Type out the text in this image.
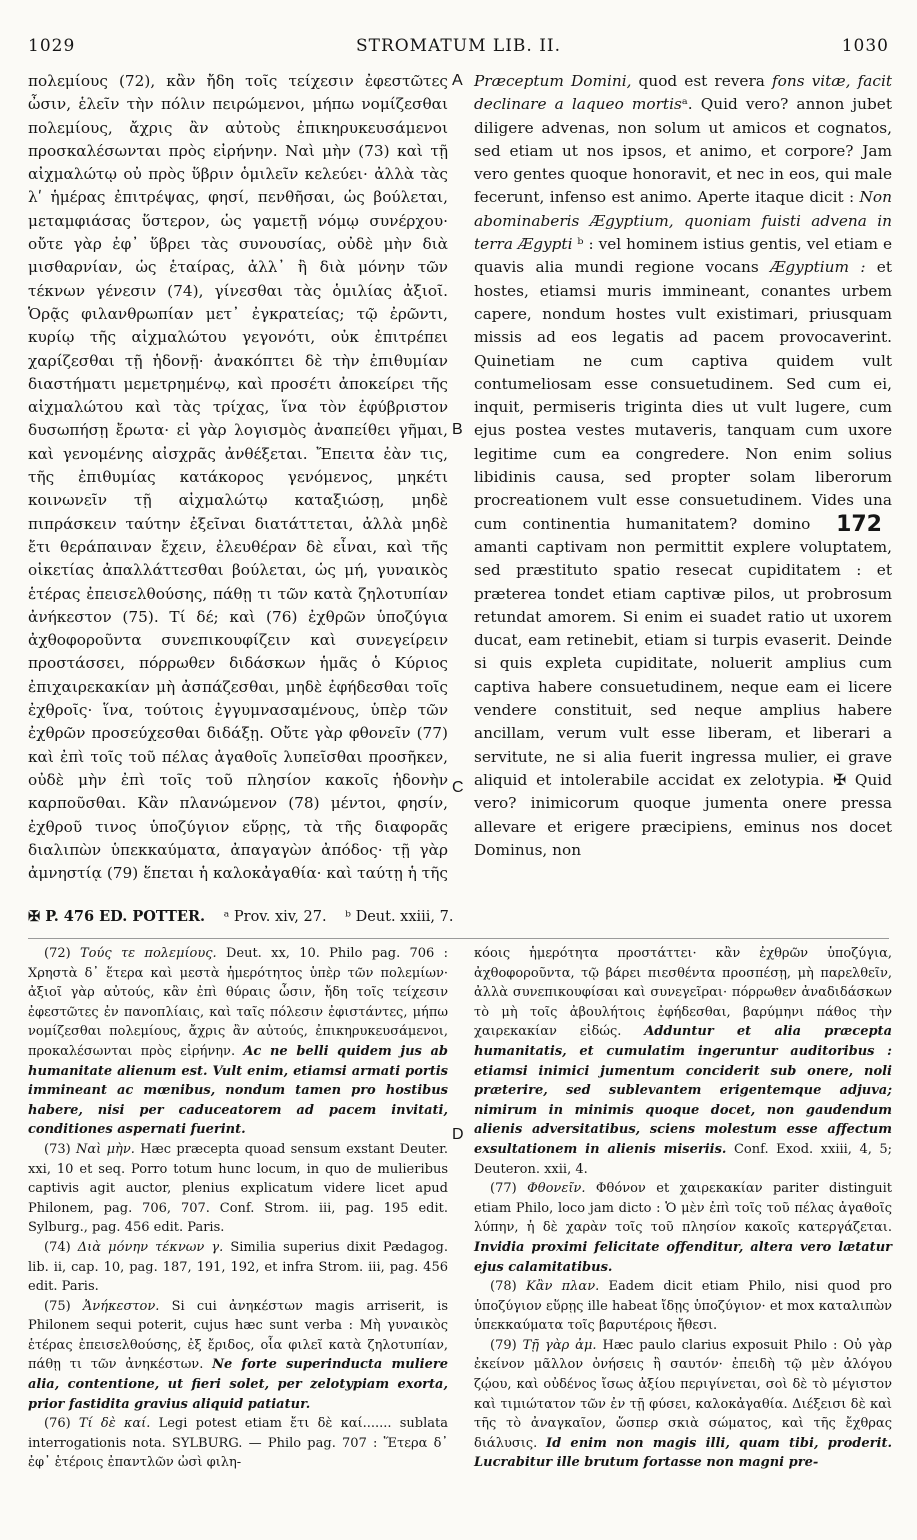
1029	STROMATUM LIB. II.	1030

πολεμίους (72), κἂν ἤδη τοῖς τείχεσιν ἐφεστῶτες ὦσιν, ἑλεῖν τὴν πόλιν πειρώμενοι, μήπω νομίζεσθαι πολεμίους, ἄχρις ἂν αὐτοὺς ἐπικηρυκευσάμενοι προσκαλέσωνται πρὸς εἰρήνην. Ναὶ μὴν (73) καὶ τῇ αἰχμαλώτῳ οὐ πρὸς ὕβριν ὁμιλεῖν κελεύει· ἀλλὰ τὰς λʹ ἡμέρας ἐπιτρέψας, φησί, πενθῆσαι, ὡς βούλεται, μεταμφιάσας ὕστερον, ὡς γαμετῇ νόμῳ συνέρχου· οὔτε γὰρ ἐφ᾽ ὕβρει τὰς συνουσίας, οὐδὲ μὴν διὰ μισθαρνίαν, ὡς ἑταίρας, ἀλλ᾽ ἢ διὰ μόνην τῶν τέκνων γένεσιν (74), γίνεσθαι τὰς ὁμιλίας ἀξιοῖ. Ὁρᾷς φιλανθρωπίαν μετ᾽ ἐγκρατείας; τῷ ἐρῶντι, κυρίῳ τῆς αἰχμαλώτου γεγονότι, οὐκ ἐπιτρέπει χαρίζεσθαι τῇ ἡδονῇ· ἀνακόπτει δὲ τὴν ἐπιθυμίαν διαστήματι μεμετρημένῳ, καὶ προσέτι ἀποκείρει τῆς αἰχμαλώτου καὶ τὰς τρίχας, ἵνα τὸν ἐφύβριστον δυσωπήσῃ ἔρωτα· εἰ γὰρ λογισμὸς ἀναπείθει γῆμαι, καὶ γενομένης αἰσχρᾶς ἀνθέξεται. Ἔπειτα ἐὰν τις, τῆς ἐπιθυμίας κατάκορος γενόμενος, μηκέτι κοινωνεῖν τῇ αἰχμαλώτῳ καταξιώσῃ, μηδὲ πιπράσκειν ταύτην ἐξεῖναι διατάττεται, ἀλλὰ μηδὲ ἔτι θεράπαιναν ἔχειν, ἐλευθέραν δὲ εἶναι, καὶ τῆς οἰκετίας ἀπαλλάττεσθαι βούλεται, ὡς μή, γυναικὸς ἑτέρας ἐπεισελθούσης, πάθῃ τι τῶν κατὰ ζηλοτυπίαν ἀνήκεστον (75). Τί δέ; καὶ (76) ἐχθρῶν ὑποζύγια ἀχθοφοροῦντα συνεπικουφίζειν καὶ συνεγείρειν προστάσσει, πόρρωθεν διδάσκων ἡμᾶς ὁ Κύριος ἐπιχαιρεκακίαν μὴ ἀσπάζεσθαι, μηδὲ ἐφήδεσθαι τοῖς ἐχθροῖς· ἵνα, τούτοις ἐγγυμνασαμένους, ὑπὲρ τῶν ἐχθρῶν προσεύχεσθαι διδάξῃ. Οὔτε γὰρ φθονεῖν (77) καὶ ἐπὶ τοῖς τοῦ πέλας ἀγαθοῖς λυπεῖσθαι προσῆκεν, οὐδὲ μὴν ἐπὶ τοῖς τοῦ πλησίον κακοῖς ἡδονὴν καρποῦσθαι. Κἂν πλανώμενον (78) μέντοι, φησίν, ἐχθροῦ τινος ὑποζύγιον εὕρῃς, τὰ τῆς διαφορᾶς διαλιπὼν ὑπεκκαύματα, ἀπαγαγὼν ἀπόδος· τῇ γὰρ ἀμνηστίᾳ (79) ἕπεται ἡ καλοκἀγαθία· καὶ ταύτῃ ἡ τῆς

A
B
C
D

Præceptum Domini, quod est revera fons vitæ, facit declinare a laqueo mortisᵃ. Quid vero? annon jubet diligere advenas, non solum ut amicos et cognatos, sed etiam ut nos ipsos, et animo, et corpore? Jam vero gentes quoque honoravit, et nec in eos, qui male fecerunt, infenso est animo. Aperte itaque dicit : Non abominaberis Ægyptium, quoniam fuisti advena in terra Ægypti ᵇ : vel hominem istius gentis, vel etiam e quavis alia mundi regione vocans Ægyptium : et hostes, etiamsi muris immineant, conantes urbem capere, nondum hostes vult existimari, priusquam missis ad eos legatis ad pacem provocaverint. Quinetiam ne cum captiva quidem vult contumeliosam esse consuetudinem. Sed cum ei, inquit, permiseris triginta dies ut vult lugere, cum ejus postea vestes mutaveris, tanquam cum uxore legitime cum ea congredere. Non enim solius libidinis causa, sed propter solam liberorum procreationem vult esse consuetudinem. Vides una cum continentia humanitatem? domino 172 amanti captivam non permittit explere voluptatem, sed præstituto spatio resecat cupiditatem : et præterea tondet etiam captivæ pilos, ut probrosum retundat amorem. Si enim ei suadet ratio ut uxorem ducat, eam retinebit, etiam si turpis evaserit. Deinde si quis expleta cupiditate, noluerit amplius cum captiva habere consuetudinem, neque eam ei licere vendere constituit, sed neque amplius habere ancillam, verum vult esse liberam, et liberari a servitute, ne si alia fuerit ingressa mulier, ei grave aliquid et intolerabile accidat ex zelotypia. ✠ Quid vero? inimicorum quoque jumenta onere pressa allevare et erigere præcipiens, eminus nos docet Dominus, non

✠ P. 476 ED. POTTER. ᵃ Prov. xiv, 27. ᵇ Deut. xxiii, 7.

(72) Τούς τε πολεμίους. Deut. xx, 10. Philo pag. 706 : Χρηστὰ δ᾽ ἕτερα καὶ μεστὰ ἡμερότητος ὑπὲρ τῶν πολεμίων· ἀξιοῖ γὰρ αὐτούς, κἂν ἐπὶ θύραις ὦσιν, ἤδη τοῖς τείχεσιν ἐφεστῶτες ἐν πανοπλίαις, καὶ ταῖς πόλεσιν ἐφιστάντες, μήπω νομίζεσθαι πολεμίους, ἄχρις ἂν αὐτούς, ἐπικηρυκευσάμενοι, προκαλέσωνται πρὸς εἰρήνην. Ac ne belli quidem jus ab humanitate alienum est. Vult enim, etiamsi armati portis immineant ac mœnibus, nondum tamen pro hostibus habere, nisi per caduceatorem ad pacem invitati, conditiones aspernati fuerint.

(73) Ναὶ μὴν. Hæc præcepta quoad sensum exstant Deuter. xxi, 10 et seq. Porro totum hunc locum, in quo de mulieribus captivis agit auctor, plenius explicatum videre licet apud Philonem, pag. 706, 707. Conf. Strom. iii, pag. 195 edit. Sylburg., pag. 456 edit. Paris.

(74) Διὰ μόνην τέκνων γ. Similia superius dixit Pædagog. lib. ii, cap. 10, pag. 187, 191, 192, et infra Strom. iii, pag. 456 edit. Paris.

(75) Ἀνήκεστον. Si cui ἀνηκέστων magis arriserit, is Philonem sequi poterit, cujus hæc sunt verba : Μὴ γυναικὸς ἑτέρας ἐπεισελθούσης, ἐξ ἔριδος, οἷα φιλεῖ κατὰ ζηλοτυπίαν, πάθῃ τι τῶν ἀνηκέστων. Ne forte superinducta muliere alia, contentione, ut fieri solet, per zelotypiam exorta, prior fastidita gravius aliquid patiatur.

(76) Τί δὲ καί. Legi potest etiam ἔτι δὲ καί....... sublata interrogationis nota. SYLBURG. — Philo pag. 707 : Ἕτερα δ᾽ ἐφ᾽ ἑτέροις ἐπαντλῶν ὠσὶ φιλη-

κόοις ἡμερότητα προστάττει· κἂν ἐχθρῶν ὑποζύγια, ἀχθοφοροῦντα, τῷ βάρει πιεσθέντα προσπέσῃ, μὴ παρελθεῖν, ἀλλὰ συνεπικουφίσαι καὶ συνεγεῖραι· πόρρωθεν ἀναδιδάσκων τὸ μὴ τοῖς ἀβουλήτοις ἐφήδεσθαι, βαρύμηνι πάθος τὴν χαιρεκακίαν εἰδώς. Adduntur et alia præcepta humanitatis, et cumulatim ingeruntur auditoribus : etiamsi inimici jumentum conciderit sub onere, noli præterire, sed sublevantem erigentemque adjuva; nimirum in minimis quoque docet, non gaudendum alienis adversitatibus, sciens molestum esse affectum exsultationem in alienis miseriis. Conf. Exod. xxiii, 4, 5; Deuteron. xxii, 4.

(77) Φθονεῖν. Φθόνον et χαιρεκακίαν pariter distinguit etiam Philo, loco jam dicto : Ὁ μὲν ἐπὶ τοῖς τοῦ πέλας ἀγαθοῖς λύπην, ἡ δὲ χαρὰν τοῖς τοῦ πλησίον κακοῖς κατεργάζεται. Invidia proximi felicitate offenditur, altera vero lætatur ejus calamitatibus.

(78) Κἂν πλαν. Eadem dicit etiam Philo, nisi quod pro ὑποζύγιον εὕρῃς ille habeat ἴδῃς ὑποζύγιον· et mox καταλιπὼν ὑπεκκαύματα τοῖς βαρυτέροις ἤθεσι.

(79) Τῇ γὰρ ἀμ. Hæc paulo clarius exposuit Philo : Οὐ γὰρ ἐκείνον μᾶλλον ὀνήσεις ἢ σαυτόν· ἐπειδὴ τῷ μὲν ἀλόγου ζῴου, καὶ οὐδένος ἴσως ἀξίου περιγίνεται, σοὶ δὲ τὸ μέγιστον καὶ τιμιώτατον τῶν ἐν τῇ φύσει, καλοκἀγαθία. Διέξεισι δὲ καὶ τῆς τὸ ἀναγκαῖον, ὥσπερ σκιὰ σώματος, καὶ τῆς ἔχθρας διάλυσις. Id enim non magis illi, quam tibi, proderit. Lucrabitur ille brutum fortasse non magni pre-
